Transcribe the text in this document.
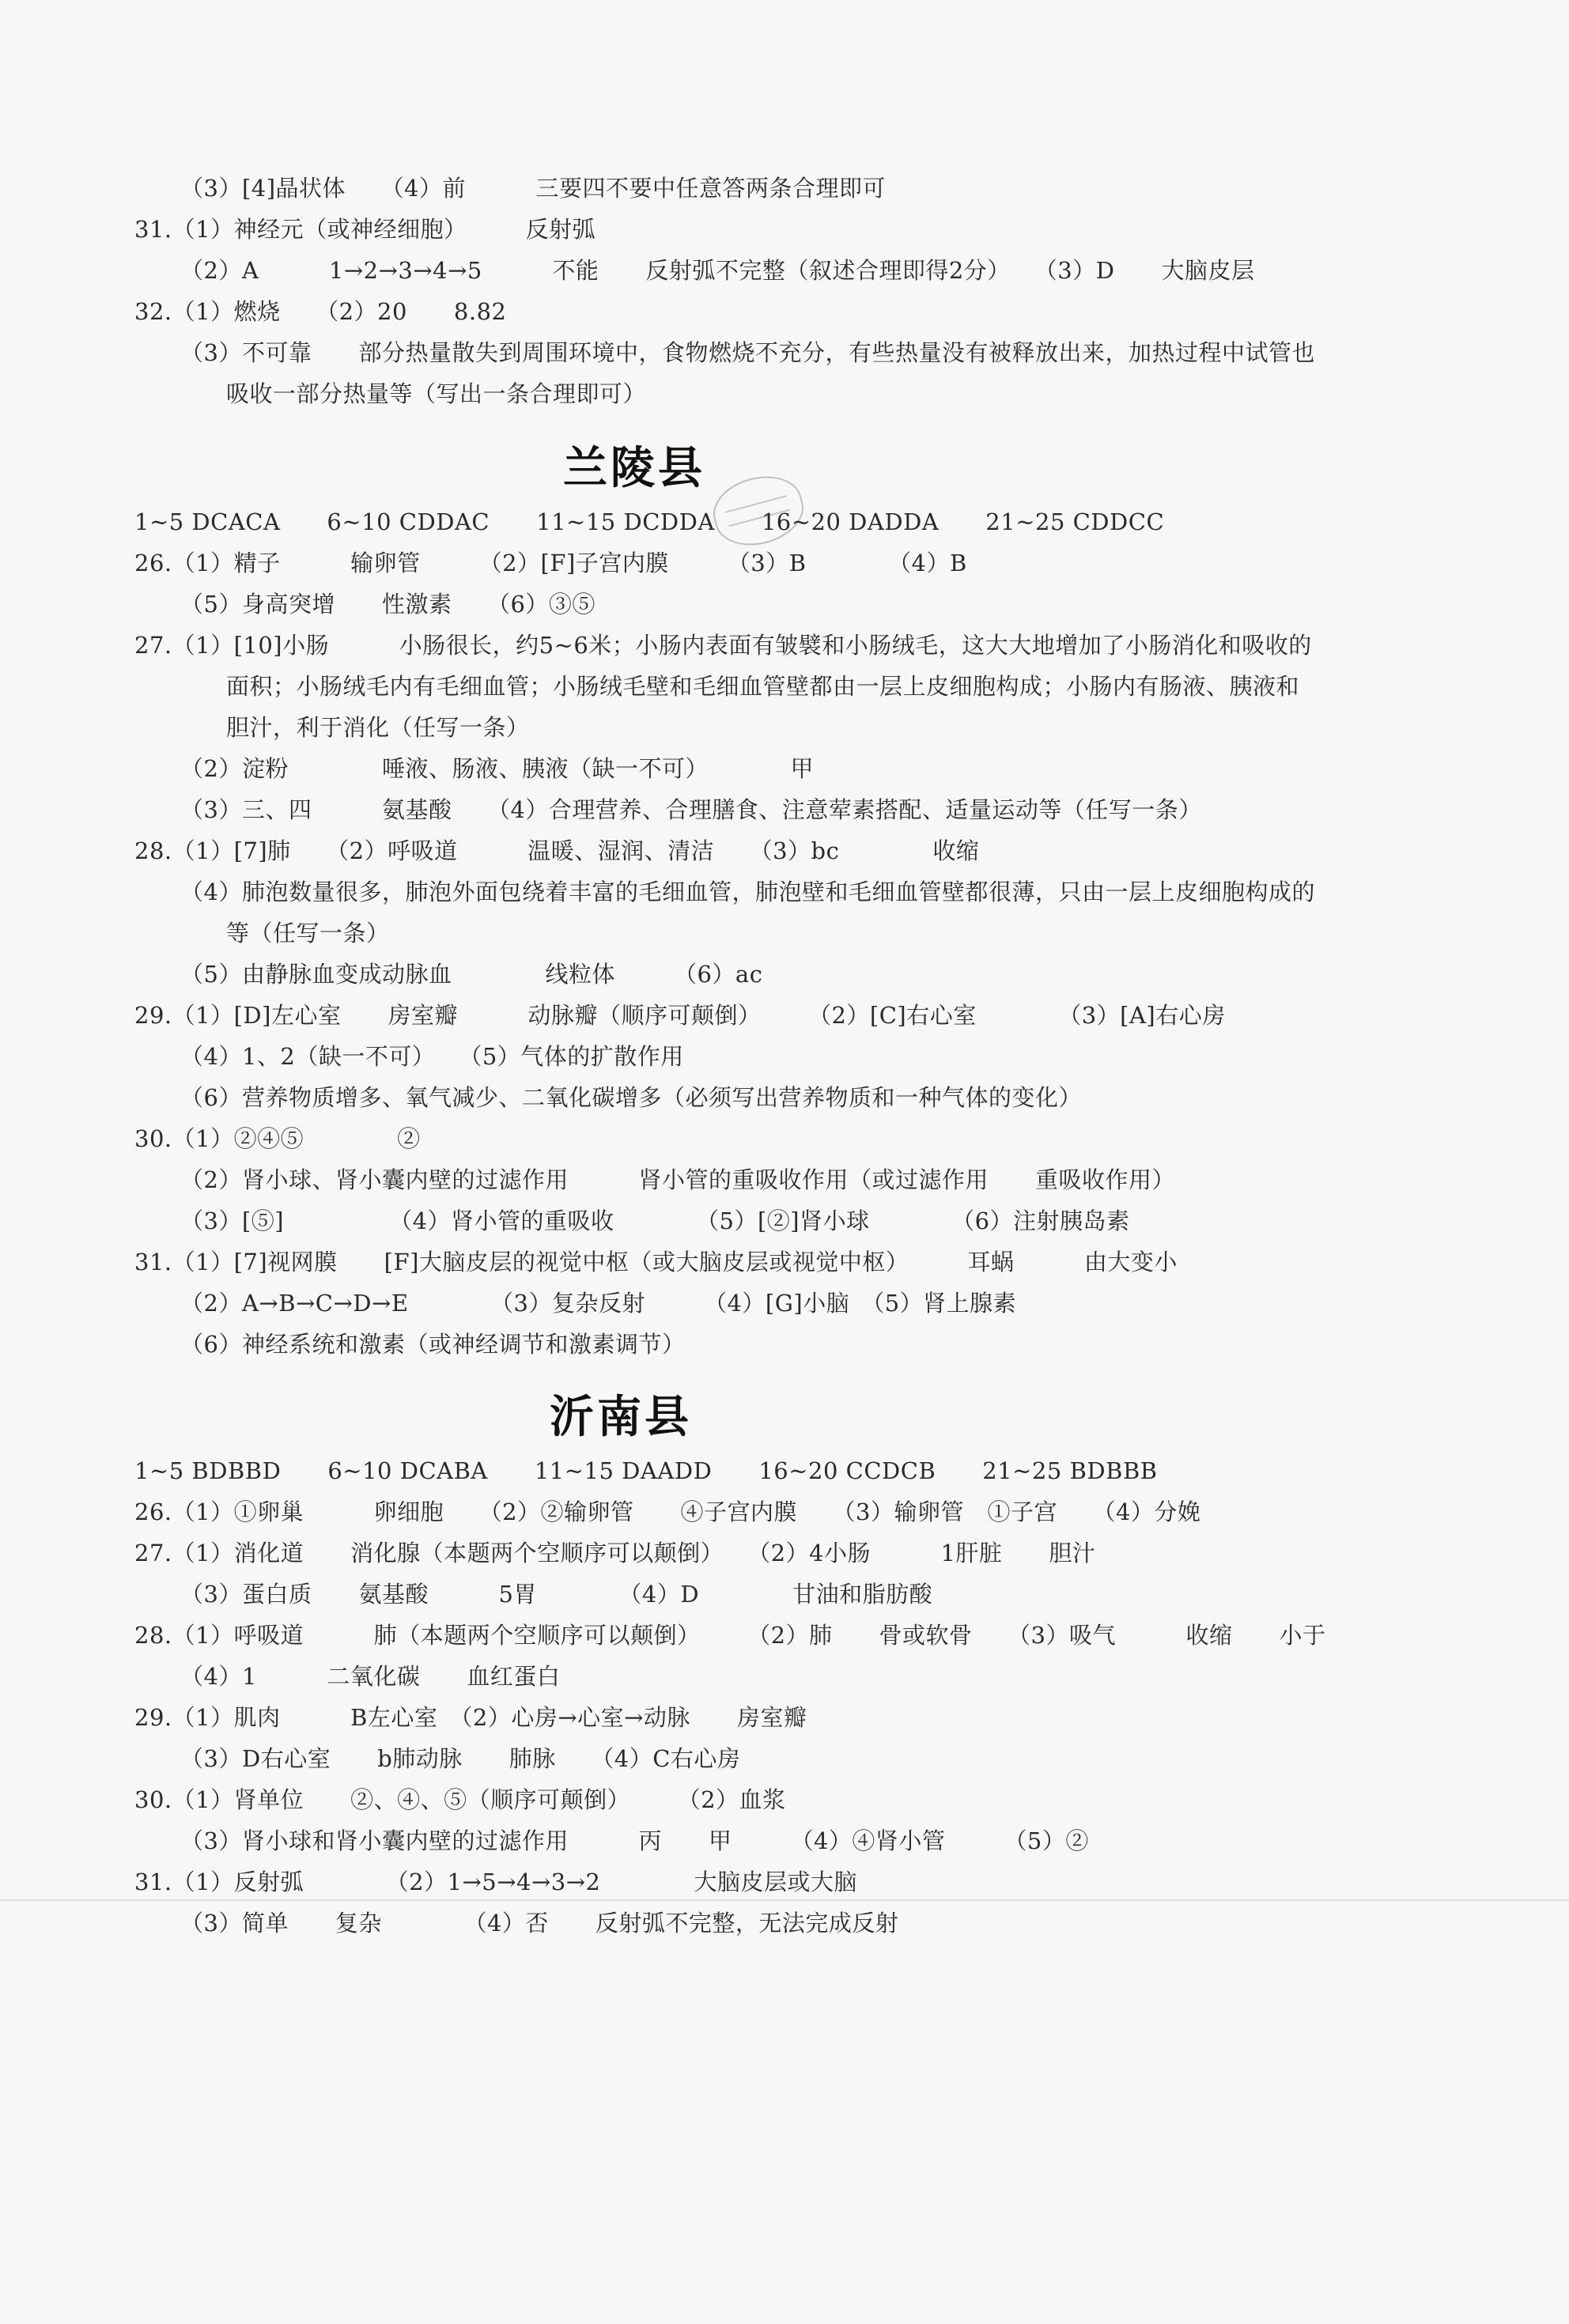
兰陵县
沂南县
（3）[4]晶状体　　（4）前　　　三要四不要中任意答两条合理即可
31.（1）神经元（或神经细胞）　　　反射弧
（2）A　　　1→2→3→4→5　　　不能　　反射弧不完整（叙述合理即得2分）　　（3）D　　大脑皮层
32.（1）燃烧　　（2）20　　8.82
（3）不可靠　　部分热量散失到周围环境中，食物燃烧不充分，有些热量没有被释放出来，加热过程中试管也
吸收一部分热量等（写出一条合理即可）
1~5 DCACA　　6~10 CDDAC　　11~15 DCDDA　　16~20 DADDA　　21~25 CDDCC
26.（1）精子　　　输卵管　　　（2）[F]子宫内膜　　　（3）B　　　　（4）B
（5）身高突增　　性激素　　（6）③⑤
27.（1）[10]小肠　　　小肠很长，约5~6米；小肠内表面有皱襞和小肠绒毛，这大大地增加了小肠消化和吸收的
面积；小肠绒毛内有毛细血管；小肠绒毛壁和毛细血管壁都由一层上皮细胞构成；小肠内有肠液、胰液和
胆汁，利于消化（任写一条）
（2）淀粉　　　　唾液、肠液、胰液（缺一不可）　　　　甲
（3）三、四　　　氨基酸　　（4）合理营养、合理膳食、注意荤素搭配、适量运动等（任写一条）
28.（1）[7]肺　　（2）呼吸道　　　温暖、湿润、清洁　　（3）bc　　　　收缩
（4）肺泡数量很多，肺泡外面包绕着丰富的毛细血管，肺泡壁和毛细血管壁都很薄，只由一层上皮细胞构成的
等（任写一条）
（5）由静脉血变成动脉血　　　　线粒体　　　（6）ac
29.（1）[D]左心室　　房室瓣　　　动脉瓣（顺序可颠倒）　　　（2）[C]右心室　　　　（3）[A]右心房
（4）1、2（缺一不可）　　（5）气体的扩散作用
（6）营养物质增多、氧气减少、二氧化碳增多（必须写出营养物质和一种气体的变化）
30.（1）②④⑤　　　　②
（2）肾小球、肾小囊内壁的过滤作用　　　肾小管的重吸收作用（或过滤作用　　重吸收作用）
（3）[⑤]　　　　　（4）肾小管的重吸收　　　　（5）[②]肾小球　　　　（6）注射胰岛素
31.（1）[7]视网膜　　[F]大脑皮层的视觉中枢（或大脑皮层或视觉中枢）　　　耳蜗　　　由大变小
（2）A→B→C→D→E　　　　（3）复杂反射　　　（4）[G]小脑　（5）肾上腺素
（6）神经系统和激素（或神经调节和激素调节）
1~5 BDBBD　　6~10 DCABA　　11~15 DAADD　　16~20 CCDCB　　21~25 BDBBB
26.（1）①卵巢　　　卵细胞　　（2）②输卵管　　④子宫内膜　　（3）输卵管　①子宫　　（4）分娩
27.（1）消化道　　消化腺（本题两个空顺序可以颠倒）　　（2）4小肠　　　1肝脏　　胆汁
（3）蛋白质　　氨基酸　　　5胃　　　　（4）D　　　　甘油和脂肪酸
28.（1）呼吸道　　　肺（本题两个空顺序可以颠倒）　　　（2）肺　　骨或软骨　　（3）吸气　　　收缩　　小于
（4）1　　　二氧化碳　　血红蛋白
29.（1）肌肉　　　B左心室　（2）心房→心室→动脉　　房室瓣
（3）D右心室　　b肺动脉　　肺脉　　（4）C右心房
30.（1）肾单位　　②、④、⑤（顺序可颠倒）　　　（2）血浆
（3）肾小球和肾小囊内壁的过滤作用　　　丙　　甲　　　（4）④肾小管　　　（5）②
31.（1）反射弧　　　　（2）1→5→4→3→2　　　　大脑皮层或大脑
（3）简单　　复杂　　　　（4）否　　反射弧不完整，无法完成反射
